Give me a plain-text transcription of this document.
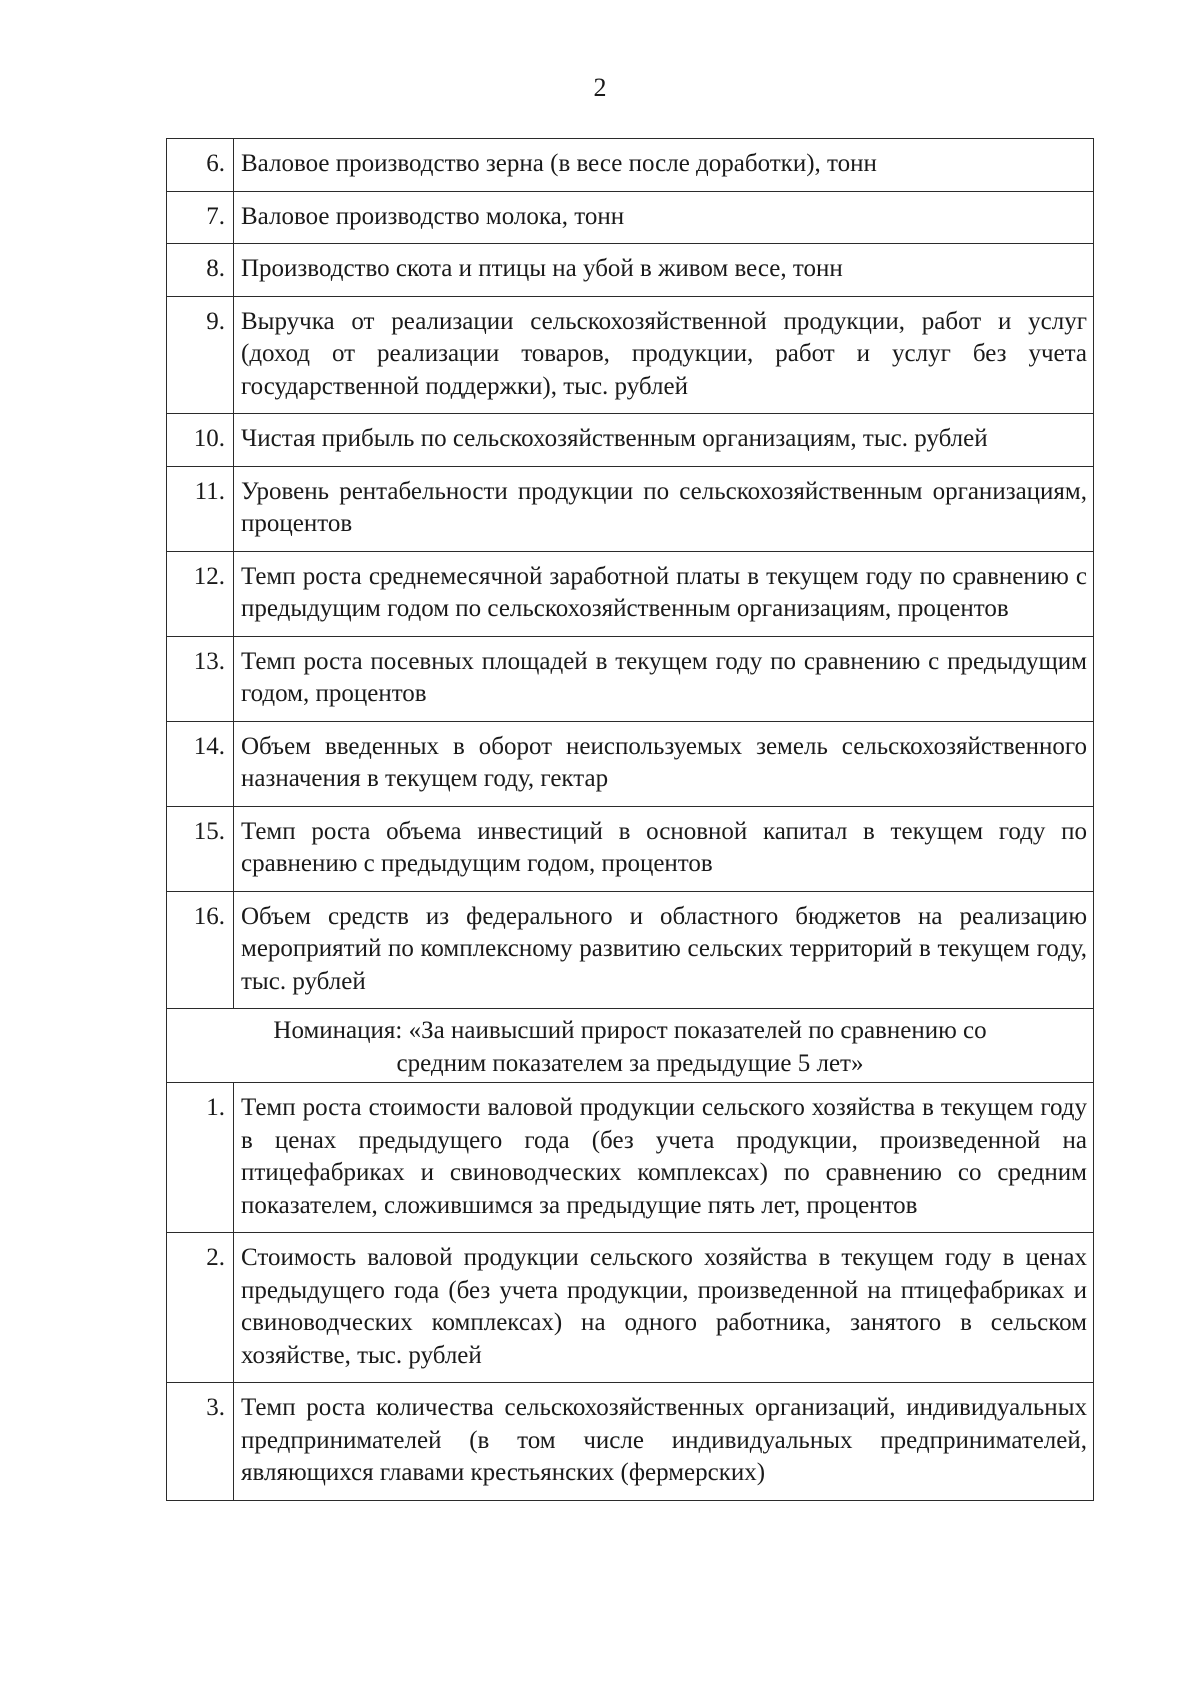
2
6.	Валовое производство зерна (в весе после доработки), тонн
7.	Валовое производство молока, тонн
8.	Производство скота и птицы на убой в живом весе, тонн
9.	Выручка от реализации сельскохозяйственной продукции, работ и услуг (доход от реализации товаров, продукции, работ и услуг без учета государственной поддержки), тыс. рублей
10.	Чистая прибыль по сельскохозяйственным организациям, тыс. рублей
11.	Уровень рентабельности продукции по сельскохозяйственным организациям, процентов
12.	Темп роста среднемесячной заработной платы в текущем году по сравнению с предыдущим годом по сельскохозяйственным организациям, процентов
13.	Темп роста посевных площадей в текущем году по сравнению с предыдущим годом, процентов
14.	Объем введенных в оборот неиспользуемых земель сельскохозяйственного назначения в текущем году, гектар
15.	Темп роста объема инвестиций в основной капитал в текущем году по сравнению с предыдущим годом, процентов
16.	Объем средств из федерального и областного бюджетов на реализацию мероприятий по комплексному развитию сельских территорий в текущем году, тыс. рублей

Номинация: «За наивысший прирост показателей по сравнению со
средним показателем за предыдущие 5 лет»	

1.	Темп роста стоимости валовой продукции сельского хозяйства в текущем году в ценах предыдущего года (без учета продукции, произведенной на птицефабриках и свиноводческих комплексах) по сравнению со средним показателем, сложившимся за предыдущие пять лет, процентов
2.	Стоимость валовой продукции сельского хозяйства в текущем году в ценах предыдущего года (без учета продукции, произведенной на птицефабриках и свиноводческих комплексах) на одного работника, занятого в сельском хозяйстве, тыс. рублей
3.	Темп роста количества сельскохозяйственных организаций, индивидуальных предпринимателей (в том числе индивидуальных предпринимателей, являющихся главами крестьянских (фермерских)
